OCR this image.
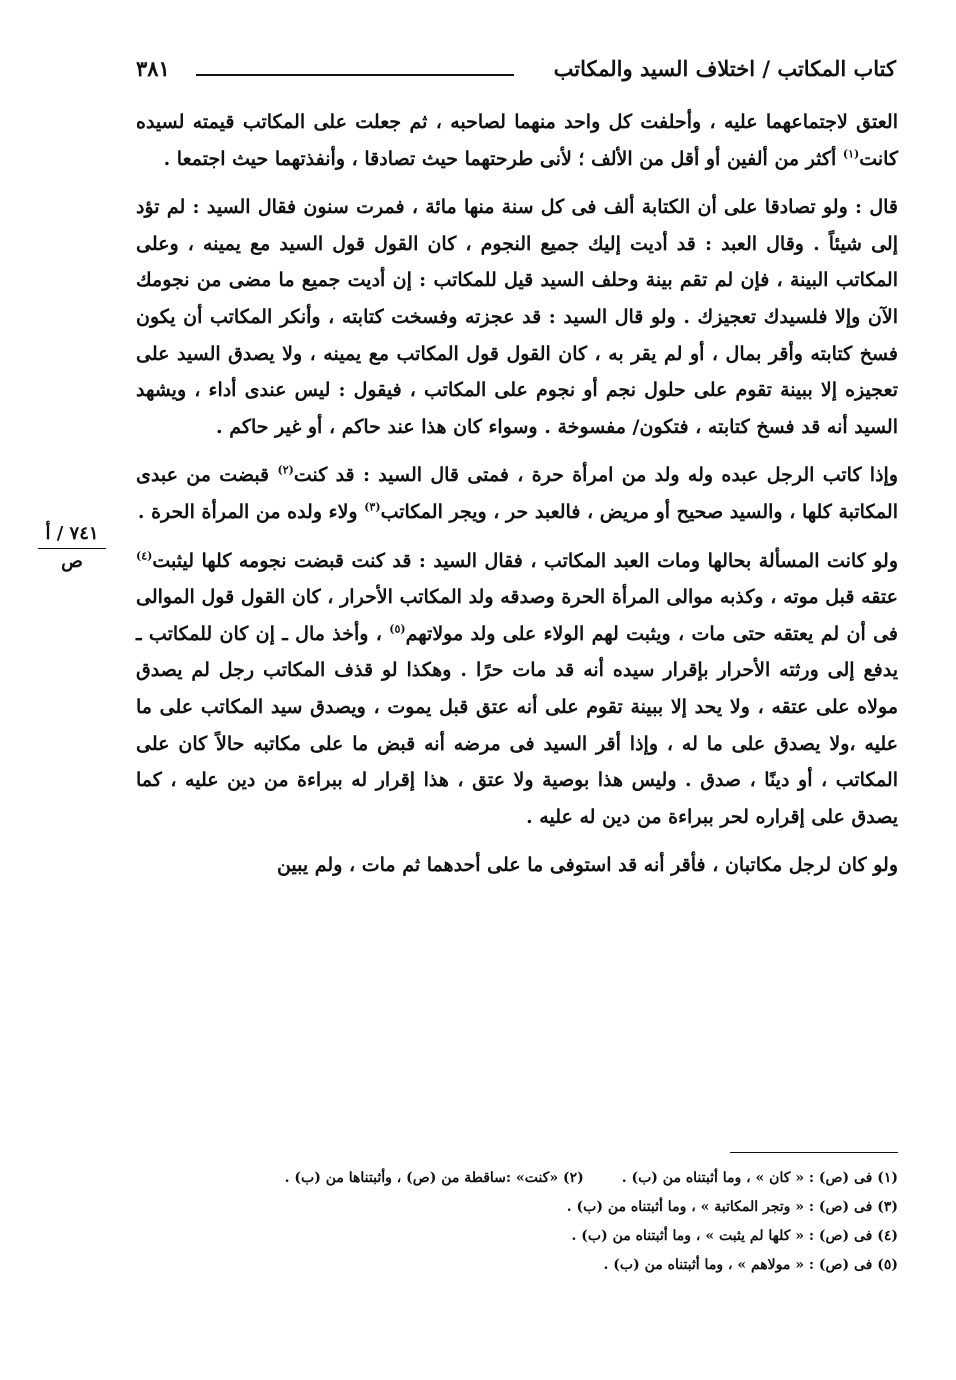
كتاب المكاتب / اختلاف السيد والمكاتب
٣٨١
٧٤١ / أ
ص

العتق لاجتماعهما عليه ، وأحلفت كل واحد منهما لصاحبه ، ثم جعلت على المكاتب قيمته لسيده كانت$^{(١)}$ أكثر من ألفين أو أقل من الألف ؛ لأنى طرحتهما حيث تصادقا ، وأنفذتهما حيث اجتمعا .

قال : ولو تصادقا على أن الكتابة ألف فى كل سنة منها مائة ، فمرت سنون فقال السيد : لم تؤد إلى شيئاً . وقال العبد : قد أديت إليك جميع النجوم ، كان القول قول السيد مع يمينه ، وعلى المكاتب البينة ، فإن لم تقم بينة وحلف السيد قيل للمكاتب : إن أديت جميع ما مضى من نجومك الآن وإلا فلسيدك تعجيزك . ولو قال السيد : قد عجزته وفسخت كتابته ، وأنكر المكاتب أن يكون فسخ كتابته وأقر بمال ، أو لم يقر به ، كان القول قول المكاتب مع يمينه ، ولا يصدق السيد على تعجيزه إلا ببينة تقوم على حلول نجم أو نجوم على المكاتب ، فيقول : ليس عندى أداء ، ويشهد السيد أنه قد فسخ كتابته ، فتكون/ مفسوخة . وسواء كان هذا عند حاكم ، أو غير حاكم .

وإذا كاتب الرجل عبده وله ولد من امرأة حرة ، فمتى قال السيد : قد كنت$^{(٢)}$ قبضت من عبدى المكاتبة كلها ، والسيد صحيح أو مريض ، فالعبد حر ، ويجر المكاتب$^{(٣)}$ ولاء ولده من المرأة الحرة .

ولو كانت المسألة بحالها ومات العبد المكاتب ، فقال السيد : قد كنت قبضت نجومه كلها ليثبت$^{(٤)}$ عتقه قبل موته ، وكذبه موالى المرأة الحرة وصدقه ولد المكاتب الأحرار ، كان القول قول الموالى فى أن لم يعتقه حتى مات ، ويثبت لهم الولاء على ولد مولاتهم$^{(٥)}$ ، وأخذ مال ـ إن كان للمكاتب ـ يدفع إلى ورثته الأحرار بإقرار سيده أنه قد مات حرًا . وهكذا لو قذف المكاتب رجل لم يصدق مولاه على عتقه ، ولا يحد إلا ببينة تقوم على أنه عتق قبل يموت ، ويصدق سيد المكاتب على ما عليه ،ولا يصدق على ما له ، وإذا أقر السيد فى مرضه أنه قبض ما على مكاتبه حالاً كان على المكاتب ، أو دينًا ، صدق . وليس هذا بوصية ولا عتق ، هذا إقرار له ببراءة من دين عليه ، كما يصدق على إقراره لحر ببراءة من دين له عليه .

ولو كان لرجل مكاتبان ، فأقر أنه قد استوفى ما على أحدهما ثم مات ، ولم يبين

(١) فى (ص) : « كان » ، وما أثبتناه من (ب) .(٢) «كنت» :ساقطة من (ص) ، وأثبتناها من (ب) .
(٣) فى (ص) : « وتجر المكاتبة » ، وما أثبتناه من (ب) .
(٤) فى (ص) : « كلها لم يثبت » ، وما أثبتناه من (ب) .
(٥) فى (ص) : « مولاهم » ، وما أثبتناه من (ب) .
